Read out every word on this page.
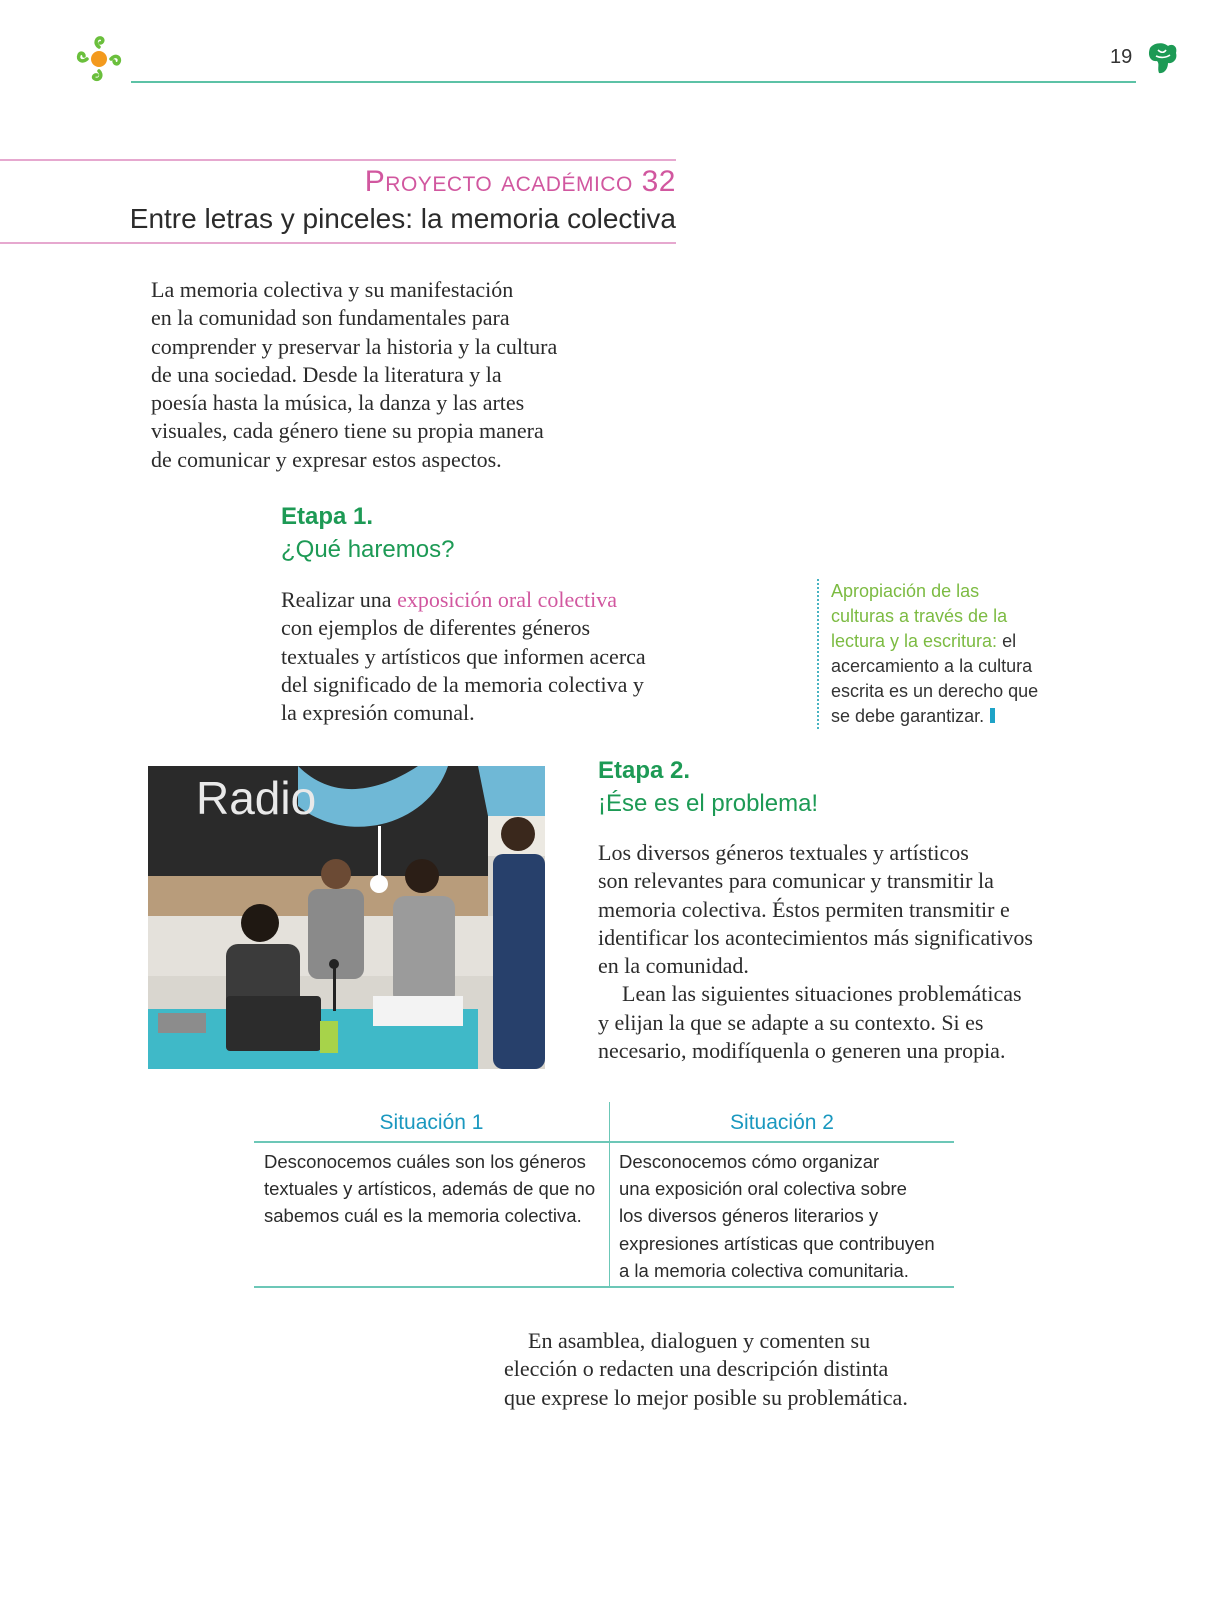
19
Proyecto académico 32
Entre letras y pinceles: la memoria colectiva
La memoria colectiva y su manifestación
en la comunidad son fundamentales para
comprender y preservar la historia y la cultura
de una sociedad. Desde la literatura y la
poesía hasta la música, la danza y las artes
visuales, cada género tiene su propia manera
de comunicar y expresar estos aspectos.
Etapa 1.
¿Qué haremos?
Realizar una exposición oral colectiva
con ejemplos de diferentes géneros
textuales y artísticos que informen acerca
del significado de la memoria colectiva y
la expresión comunal.
Apropiación de las
culturas a través de la
lectura y la escritura: el
acercamiento a la cultura
escrita es un derecho que
se debe garantizar.
Radio
Etapa 2.
¡Ése es el problema!
Los diversos géneros textuales y artísticos
son relevantes para comunicar y transmitir la
memoria colectiva. Éstos permiten transmitir e
identificar los acontecimientos más significativos
en la comunidad.
Lean las siguientes situaciones problemáticas
y elijan la que se adapte a su contexto. Si es
necesario, modifíquenla o generen una propia.
Situación 1	Situación 2
Desconocemos cuáles son los géneros
textuales y artísticos, además de que no
sabemos cuál es la memoria colectiva.
Desconocemos cómo organizar
una exposición oral colectiva sobre
los diversos géneros literarios y
expresiones artísticas que contribuyen
a la memoria colectiva comunitaria.
En asamblea, dialoguen y comenten su
elección o redacten una descripción distinta
que exprese lo mejor posible su problemática.
